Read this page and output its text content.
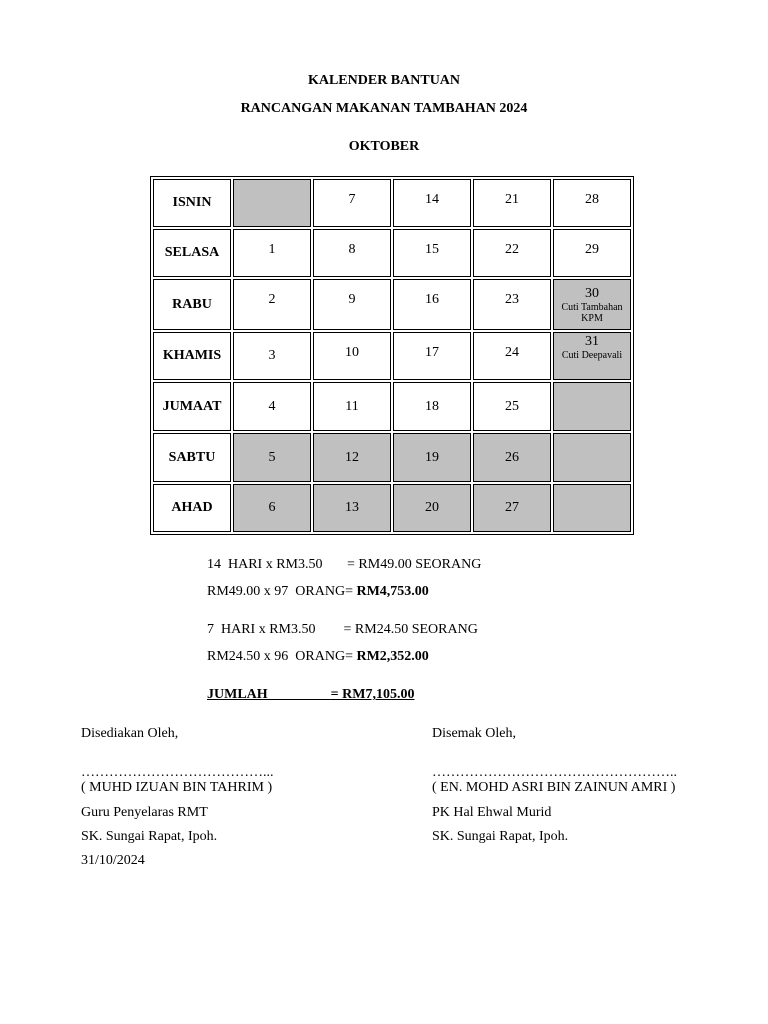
KALENDER BANTUAN
RANCANGAN MAKANAN TAMBAHAN 2024
OKTOBER
ISNIN		7	14	21	28
SELASA	1	8	15	22	29
RABU	2	9	16	23	30
Cuti Tambahan
KPM

KHAMIS	3	10	17	24	31
Cuti Deepavali

JUMAAT	4	11	18	25	
SABTU	5	12	19	26	
AHAD	6	13	20	27	
14  HARI x RM3.50       = RM49.00 SEORANG
RM49.00 x 97  ORANG= RM4,753.00
7  HARI x RM3.50        = RM24.50 SEORANG
RM24.50 x 96  ORANG= RM2,352.00
JUMLAH                  = RM7,105.00
Disediakan Oleh,
…………………………………...
( MUHD IZUAN BIN TAHRIM )
Guru Penyelaras RMT
SK. Sungai Rapat, Ipoh.
31/10/2024
Disemak Oleh,
……………………………………………..
( EN. MOHD ASRI BIN ZAINUN AMRI )
PK Hal Ehwal Murid
SK. Sungai Rapat, Ipoh.
